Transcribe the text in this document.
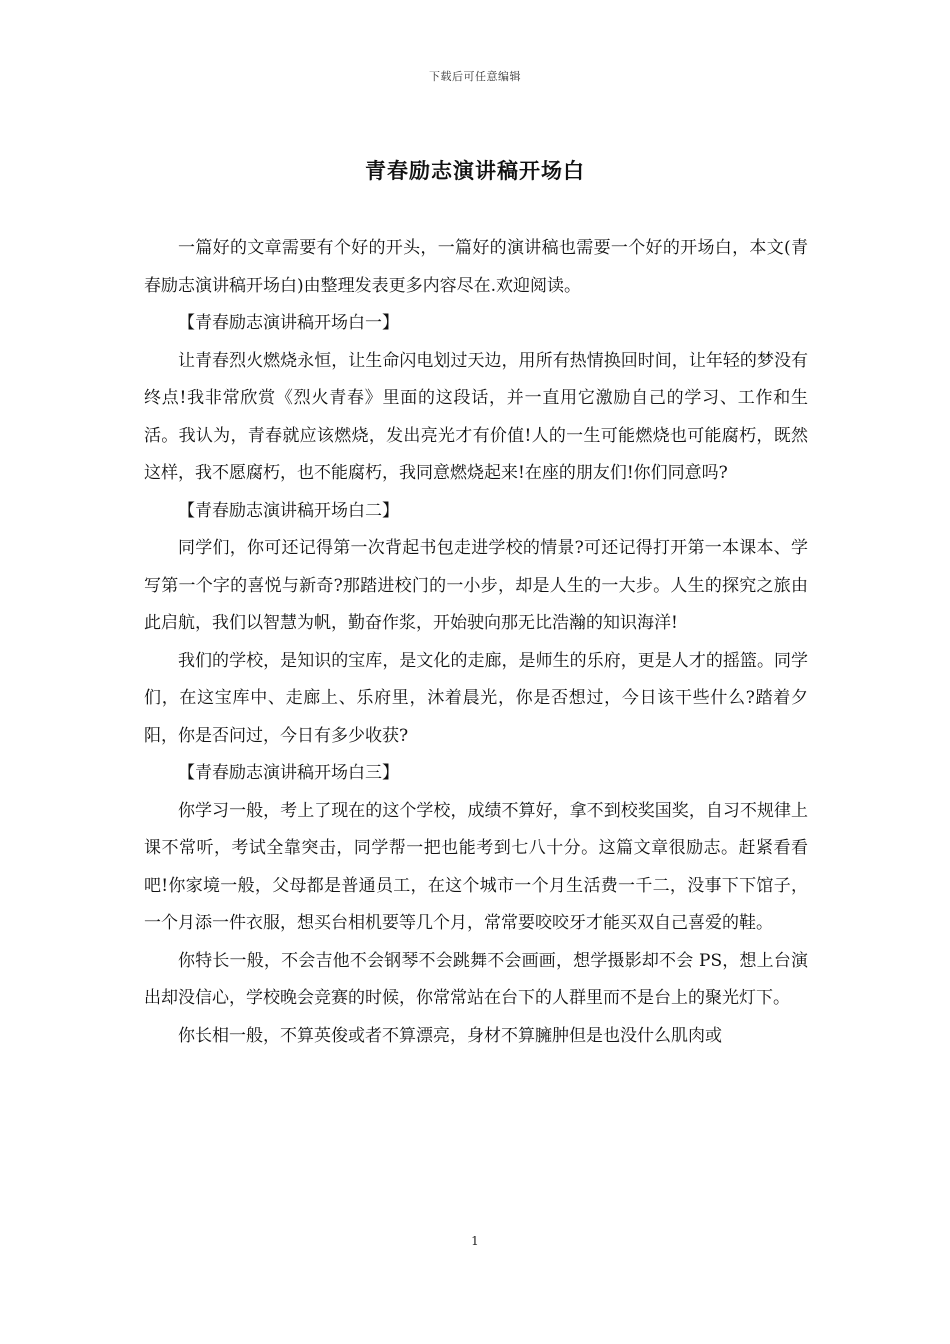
下载后可任意编辑
青春励志演讲稿开场白

一篇好的文章需要有个好的开头，一篇好的演讲稿也需要一个好的开场白，本文(青春励志演讲稿开场白)由整理发表更多内容尽在.欢迎阅读。

【青春励志演讲稿开场白一】

让青春烈火燃烧永恒，让生命闪电划过天边，用所有热情换回时间，让年轻的梦没有终点!我非常欣赏《烈火青春》里面的这段话，并一直用它激励自己的学习、工作和生活。我认为，青春就应该燃烧，发出亮光才有价值!人的一生可能燃烧也可能腐朽，既然这样，我不愿腐朽，也不能腐朽，我同意燃烧起来!在座的朋友们!你们同意吗?

【青春励志演讲稿开场白二】

同学们，你可还记得第一次背起书包走进学校的情景?可还记得打开第一本课本、学写第一个字的喜悦与新奇?那踏进校门的一小步，却是人生的一大步。人生的探究之旅由此启航，我们以智慧为帆，勤奋作浆，开始驶向那无比浩瀚的知识海洋!

我们的学校，是知识的宝库，是文化的走廊，是师生的乐府，更是人才的摇篮。同学们，在这宝库中、走廊上、乐府里，沐着晨光，你是否想过，今日该干些什么?踏着夕阳，你是否问过，今日有多少收获?

【青春励志演讲稿开场白三】

你学习一般，考上了现在的这个学校，成绩不算好，拿不到校奖国奖，自习不规律上课不常听，考试全靠突击，同学帮一把也能考到七八十分。这篇文章很励志。赶紧看看吧!你家境一般，父母都是普通员工，在这个城市一个月生活费一千二，没事下下馆子，一个月添一件衣服，想买台相机要等几个月，常常要咬咬牙才能买双自己喜爱的鞋。

你特长一般，不会吉他不会钢琴不会跳舞不会画画，想学摄影却不会 PS，想上台演出却没信心，学校晚会竞赛的时候，你常常站在台下的人群里而不是台上的聚光灯下。

你长相一般，不算英俊或者不算漂亮，身材不算臃肿但是也没什么肌肉或

1
